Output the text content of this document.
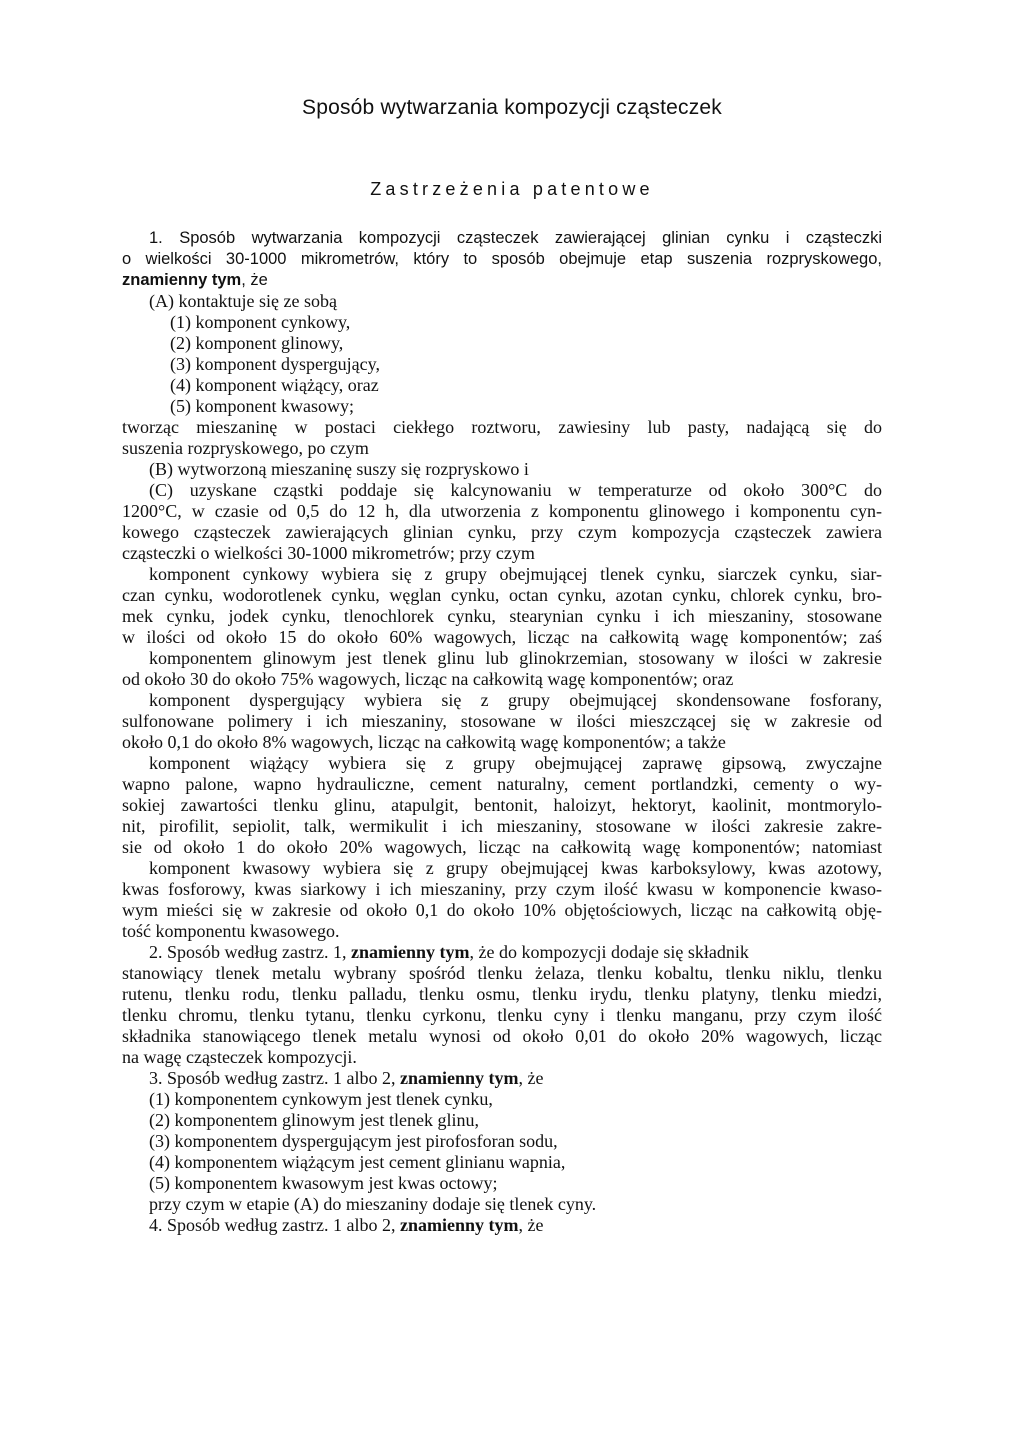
Sposób wytwarzania kompozycji cząsteczek
Zastrzeżenia patentowe
1. Sposób wytwarzania kompozycji cząsteczek zawierającej glinian cynku i cząsteczki
o wielkości 30-1000 mikrometrów, który to sposób obejmuje etap suszenia rozpryskowego,
znamienny tym, że
(A) kontaktuje się ze sobą
(1) komponent cynkowy,
(2) komponent glinowy,
(3) komponent dyspergujący,
(4) komponent wiążący, oraz
(5) komponent kwasowy;
tworząc mieszaninę w postaci ciekłego roztworu, zawiesiny lub pasty, nadającą się do
suszenia rozpryskowego, po czym
(B) wytworzoną mieszaninę suszy się rozpryskowo i
(C) uzyskane cząstki poddaje się kalcynowaniu w temperaturze od około 300°C do
1200°C, w czasie od 0,5 do 12 h, dla utworzenia z komponentu glinowego i komponentu cyn-
kowego cząsteczek zawierających glinian cynku, przy czym kompozycja cząsteczek zawiera
cząsteczki o wielkości 30-1000 mikrometrów; przy czym
komponent cynkowy wybiera się z grupy obejmującej tlenek cynku, siarczek cynku, siar-
czan cynku, wodorotlenek cynku, węglan cynku, octan cynku, azotan cynku, chlorek cynku, bro-
mek cynku, jodek cynku, tlenochlorek cynku, stearynian cynku i ich mieszaniny, stosowane
w ilości od około 15 do około 60% wagowych, licząc na całkowitą wagę komponentów; zaś
komponentem glinowym jest tlenek glinu lub glinokrzemian, stosowany w ilości w zakresie
od około 30 do około 75% wagowych, licząc na całkowitą wagę komponentów; oraz
komponent dyspergujący wybiera się z grupy obejmującej skondensowane fosforany,
sulfonowane polimery i ich mieszaniny, stosowane w ilości mieszczącej się w zakresie od
około 0,1 do około 8% wagowych, licząc na całkowitą wagę komponentów; a także
komponent wiążący wybiera się z grupy obejmującej zaprawę gipsową, zwyczajne
wapno palone, wapno hydrauliczne, cement naturalny, cement portlandzki, cementy o wy-
sokiej zawartości tlenku glinu, atapulgit, bentonit, haloizyt, hektoryt, kaolinit, montmorylo-
nit, pirofilit, sepiolit, talk, wermikulit i ich mieszaniny, stosowane w ilości zakresie zakre-
sie od około 1 do około 20% wagowych, licząc na całkowitą wagę komponentów; natomiast
komponent kwasowy wybiera się z grupy obejmującej kwas karboksylowy, kwas azotowy,
kwas fosforowy, kwas siarkowy i ich mieszaniny, przy czym ilość kwasu w komponencie kwaso-
wym mieści się w zakresie od około 0,1 do około 10% objętościowych, licząc na całkowitą obję-
tość komponentu kwasowego.
2. Sposób według zastrz. 1, znamienny tym, że do kompozycji dodaje się składnik
stanowiący tlenek metalu wybrany spośród tlenku żelaza, tlenku kobaltu, tlenku niklu, tlenku
rutenu, tlenku rodu, tlenku palladu, tlenku osmu, tlenku irydu, tlenku platyny, tlenku miedzi,
tlenku chromu, tlenku tytanu, tlenku cyrkonu, tlenku cyny i tlenku manganu, przy czym ilość
składnika stanowiącego tlenek metalu wynosi od około 0,01 do około 20% wagowych, licząc
na wagę cząsteczek kompozycji.
3. Sposób według zastrz. 1 albo 2, znamienny tym, że
(1) komponentem cynkowym jest tlenek cynku,
(2) komponentem glinowym jest tlenek glinu,
(3) komponentem dyspergującym jest pirofosforan sodu,
(4) komponentem wiążącym jest cement glinianu wapnia,
(5) komponentem kwasowym jest kwas octowy;
przy czym w etapie (A) do mieszaniny dodaje się tlenek cyny.
4. Sposób według zastrz. 1 albo 2, znamienny tym, że
